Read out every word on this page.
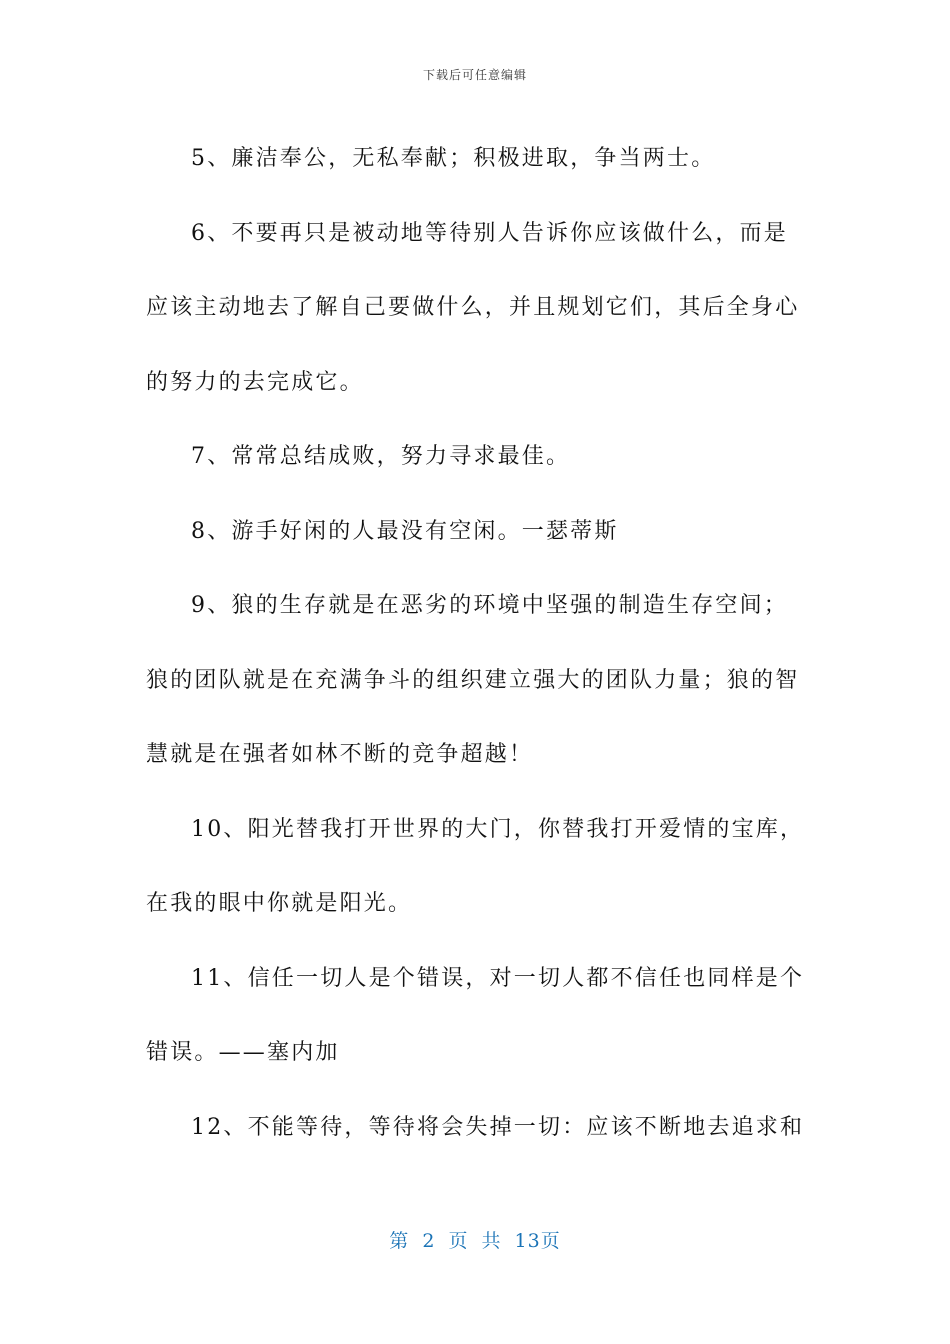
下载后可任意编辑

5、廉洁奉公，无私奉献；积极进取，争当两士。

6、不要再只是被动地等待别人告诉你应该做什么，而是应该主动地去了解自己要做什么，并且规划它们，其后全身心的努力的去完成它。

7、常常总结成败，努力寻求最佳。

8、游手好闲的人最没有空闲。一瑟蒂斯

9、狼的生存就是在恶劣的环境中坚强的制造生存空间；狼的团队就是在充满争斗的组织建立强大的团队力量；狼的智慧就是在强者如林不断的竞争超越！

10、阳光替我打开世界的大门，你替我打开爱情的宝库，在我的眼中你就是阳光。

11、信任一切人是个错误，对一切人都不信任也同样是个错误。——塞内加

12、不能等待，等待将会失掉一切：应该不断地去追求和

第 2 页 共 13页
